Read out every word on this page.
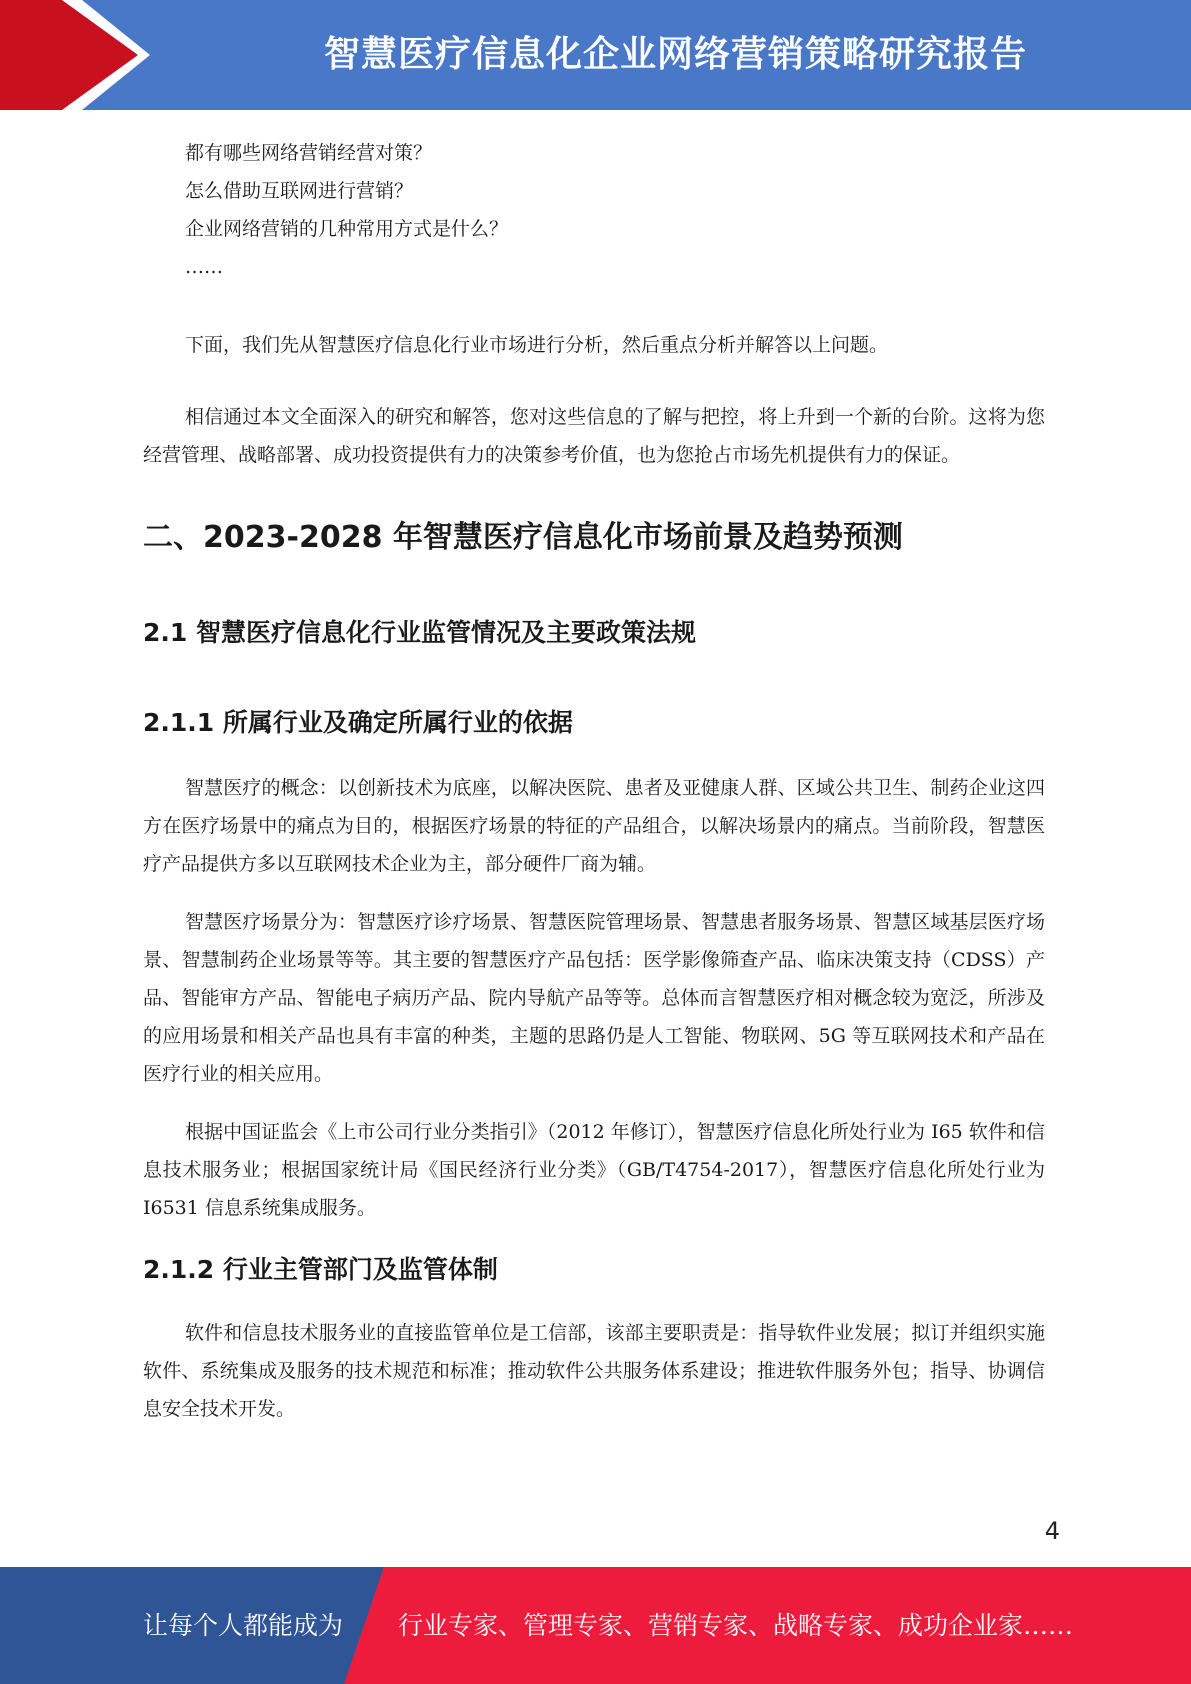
智慧医疗信息化企业网络营销策略研究报告
都有哪些网络营销经营对策？
怎么借助互联网进行营销？
企业网络营销的几种常用方式是什么？
……

下面，我们先从智慧医疗信息化行业市场进行分析，然后重点分析并解答以上问题。

相信通过本文全面深入的研究和解答，您对这些信息的了解与把控，将上升到一个新的台阶。这将为您经营管理、战略部署、成功投资提供有力的决策参考价值，也为您抢占市场先机提供有力的保证。

二、2023-2028 年智慧医疗信息化市场前景及趋势预测
2.1 智慧医疗信息化行业监管情况及主要政策法规
2.1.1 所属行业及确定所属行业的依据

智慧医疗的概念：以创新技术为底座，以解决医院、患者及亚健康人群、区域公共卫生、制药企业这四方在医疗场景中的痛点为目的，根据医疗场景的特征的产品组合，以解决场景内的痛点。当前阶段，智慧医疗产品提供方多以互联网技术企业为主，部分硬件厂商为辅。

智慧医疗场景分为：智慧医疗诊疗场景、智慧医院管理场景、智慧患者服务场景、智慧区域基层医疗场景、智慧制药企业场景等等。其主要的智慧医疗产品包括：医学影像筛查产品、临床决策支持（CDSS）产品、智能审方产品、智能电子病历产品、院内导航产品等等。总体而言智慧医疗相对概念较为宽泛，所涉及的应用场景和相关产品也具有丰富的种类，主题的思路仍是人工智能、物联网、5G 等互联网技术和产品在医疗行业的相关应用。

根据中国证监会《上市公司行业分类指引》（2012 年修订），智慧医疗信息化所处行业为 I65 软件和信息技术服务业；根据国家统计局《国民经济行业分类》（GB/T4754-2017），智慧医疗信息化所处行业为 I6531 信息系统集成服务。

2.1.2 行业主管部门及监管体制

软件和信息技术服务业的直接监管单位是工信部，该部主要职责是：指导软件业发展；拟订并组织实施软件、系统集成及服务的技术规范和标准；推动软件公共服务体系建设；推进软件服务外包；指导、协调信息安全技术开发。

4
让每个人都能成为 行业专家、管理专家、营销专家、战略专家、成功企业家……
